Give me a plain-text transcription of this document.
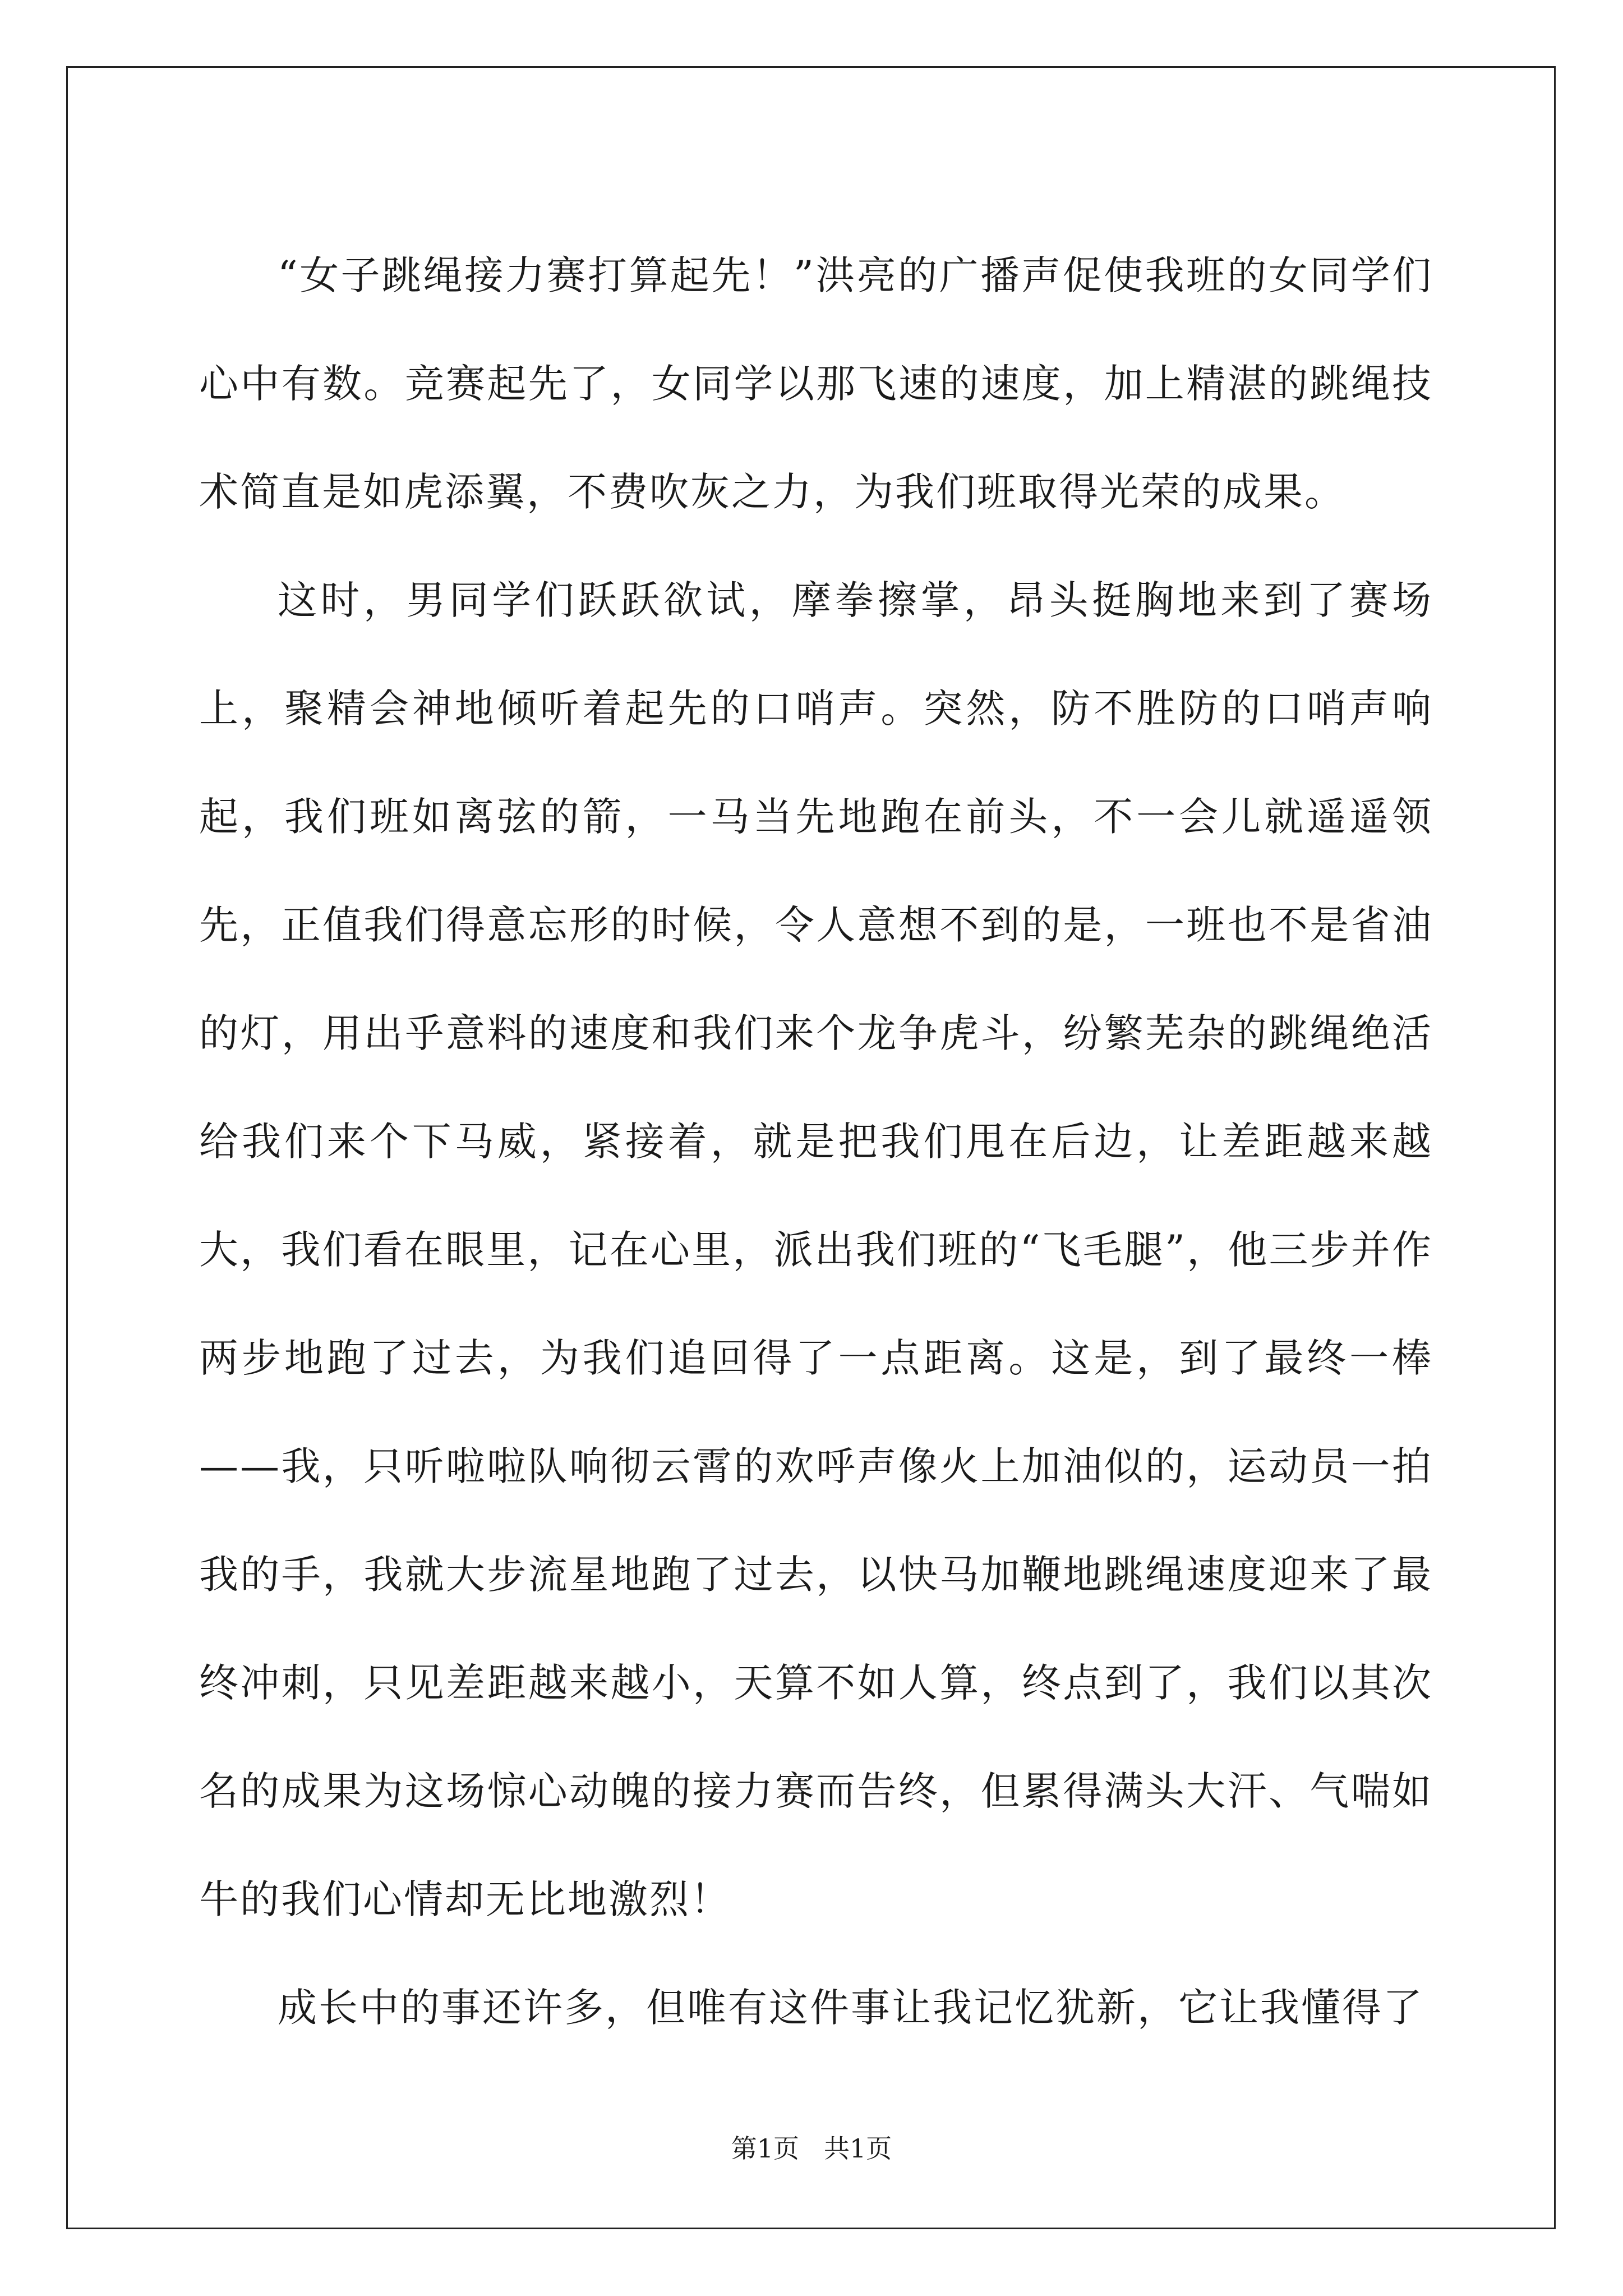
“女子跳绳接力赛打算起先！”洪亮的广播声促使我班的女同学们心中有数。竞赛起先了，女同学以那飞速的速度，加上精湛的跳绳技术简直是如虎添翼，不费吹灰之力，为我们班取得光荣的成果。

这时，男同学们跃跃欲试，摩拳擦掌，昂头挺胸地来到了赛场上，聚精会神地倾听着起先的口哨声。突然，防不胜防的口哨声响起，我们班如离弦的箭，一马当先地跑在前头，不一会儿就遥遥领先，正值我们得意忘形的时候，令人意想不到的是，一班也不是省油的灯，用出乎意料的速度和我们来个龙争虎斗，纷繁芜杂的跳绳绝活给我们来个下马威，紧接着，就是把我们甩在后边，让差距越来越大，我们看在眼里，记在心里，派出我们班的“飞毛腿”，他三步并作两步地跑了过去，为我们追回得了一点距离。这是，到了最终一棒——我，只听啦啦队响彻云霄的欢呼声像火上加油似的，运动员一拍我的手，我就大步流星地跑了过去，以快马加鞭地跳绳速度迎来了最终冲刺，只见差距越来越小，天算不如人算，终点到了，我们以其次名的成果为这场惊心动魄的接力赛而告终，但累得满头大汗、气喘如牛的我们心情却无比地激烈！

成长中的事还许多，但唯有这件事让我记忆犹新，它让我懂得了

第1页 共1页
